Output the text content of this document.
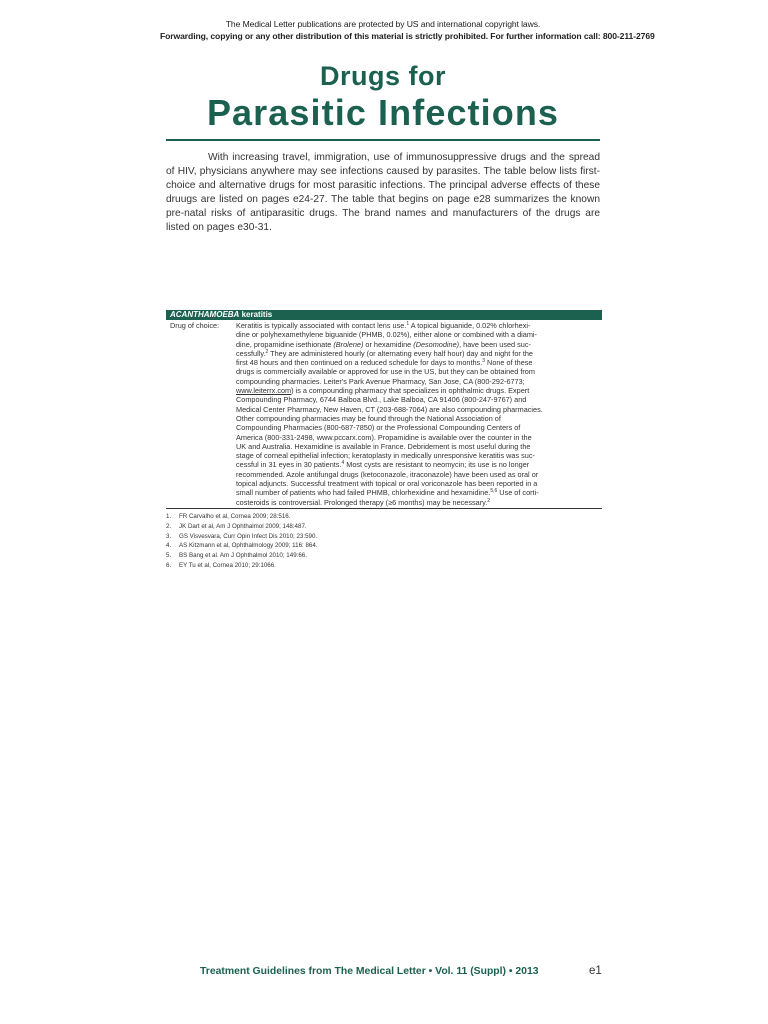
The Medical Letter publications are protected by US and international copyright laws.
Forwarding, copying or any other distribution of this material is strictly prohibited. For further information call: 800-211-2769
Drugs for
Parasitic Infections
With increasing travel, immigration, use of immunosuppressive drugs and the spread of HIV, physicians anywhere may see infections caused by parasites. The table below lists first-choice and alternative drugs for most parasitic infections. The principal adverse effects of these druugs are listed on pages e24-27. The table that begins on page e28 summarizes the known pre-natal risks of antiparasitic drugs. The brand names and manufacturers of the drugs are listed on pages e30-31.
ACANTHAMOEBA keratitis
Drug of choice:	Keratitis is typically associated with contact lens use.$^1$ A topical biguanide, 0.02% chlorhexi-
dine or polyhexamethylene biguanide (PHMB, 0.02%), either alone or combined with a diami-
dine, propamidine isethionate (Brolene) or hexamidine (Desomodine), have been used suc-
cessfully.$^2$ They are administered hourly (or alternating every half hour) day and night for the
first 48 hours and then continued on a reduced schedule for days to months.$^3$ None of these
drugs is commercially available or approved for use in the US, but they can be obtained from
compounding pharmacies. Leiter's Park Avenue Pharmacy, San Jose, CA (800-292-6773;
www.leiterrx.com) is a compounding pharmacy that specializes in ophthalmic drugs. Expert
Compounding Pharmacy, 6744 Balboa Blvd., Lake Balboa, CA 91406 (800-247-9767) and
Medical Center Pharmacy, New Haven, CT (203-688-7064) are also compounding pharmacies.
Other compounding pharmacies may be found through the National Association of
Compounding Pharmacies (800-687-7850) or the Professional Compounding Centers of
America (800-331-2498, www.pccarx.com). Propamidine is available over the counter in the
UK and Australia. Hexamidine is available in France. Debridement is most useful during the
stage of corneal epithelial infection; keratoplasty in medically unresponsive keratitis was suc-
cessful in 31 eyes in 30 patients.$^4$ Most cysts are resistant to neomycin; its use is no longer
recommended. Azole antifungal drugs (ketoconazole, itraconazole) have been used as oral or
topical adjuncts. Successful treatment with topical or oral voriconazole has been reported in a
small number of patients who had failed PHMB, chlorhexidine and hexamidine.$^{5,6}$ Use of corti-
costeroids is controversial. Prolonged therapy (≥6 months) may be necessary.$^2$
1.	FR Carvalho et al, Cornea 2009; 28:516.
2.	JK Dart et al, Am J Ophthalmol 2009; 148:487.
3.	GS Visvesvara, Curr Opin Infect Dis 2010; 23:590.
4.	AS Kitzmann et al, Ophthalmology 2009; 116: 864.
5.	BS Bang et al. Am J Ophthalmol 2010; 149:66.
6.	EY Tu et al, Cornea 2010; 29:1066.
Treatment Guidelines from The Medical Letter • Vol. 11 (Suppl) • 2013	e1
